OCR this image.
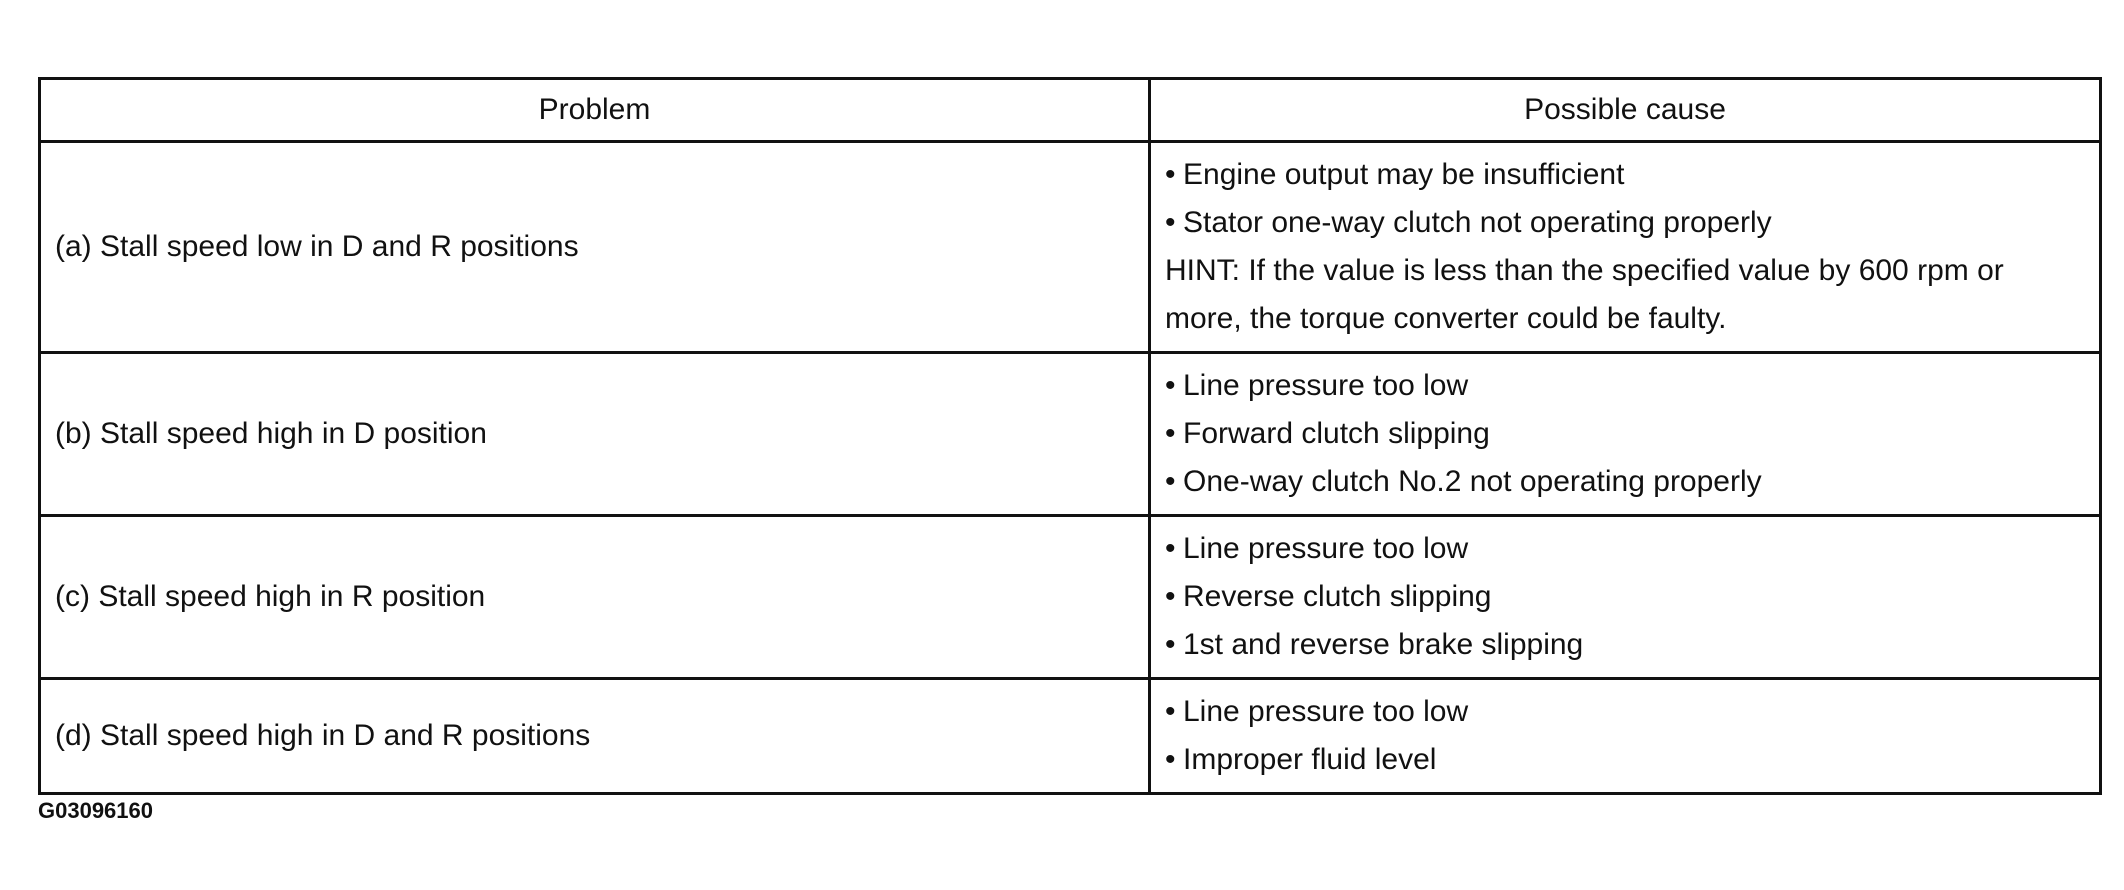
Problem	Possible cause
(a) Stall speed low in D and R positions	• Engine output may be insufficient
• Stator one-way clutch not operating properly
HINT: If the value is less than the specified value by 600 rpm or
more, the torque converter could be faulty.

(b) Stall speed high in D position	• Line pressure too low
• Forward clutch slipping
• One-way clutch No.2 not operating properly

(c) Stall speed high in R position	• Line pressure too low
• Reverse clutch slipping
• 1st and reverse brake slipping

(d) Stall speed high in D and R positions	• Line pressure too low
• Improper fluid level
G03096160
